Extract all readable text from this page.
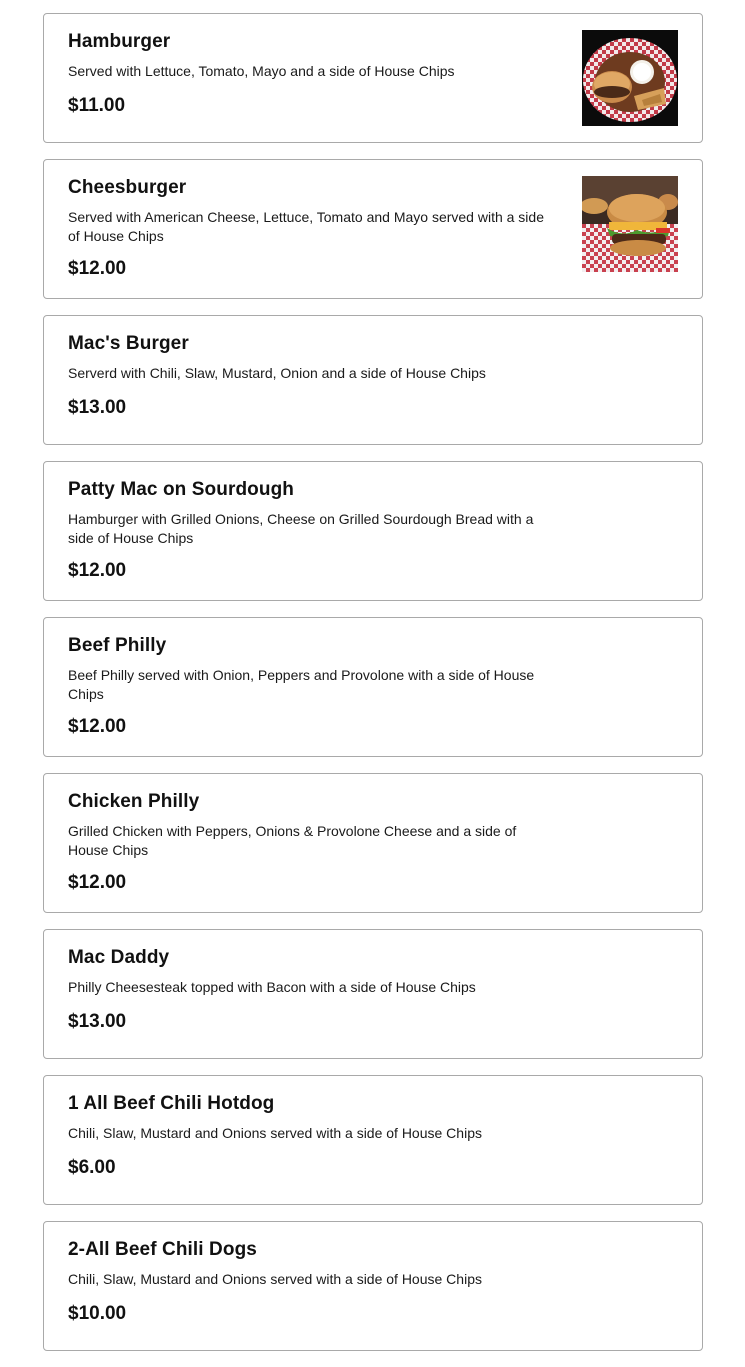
Hamburger

Served with Lettuce, Tomato, Mayo and a side of House Chips

$11.00

Cheesburger

Served with American Cheese, Lettuce, Tomato and Mayo served with a side of House Chips

$12.00

Mac's Burger

Serverd with Chili, Slaw, Mustard, Onion and a side of House Chips

$13.00

Patty Mac on Sourdough

Hamburger with Grilled Onions, Cheese on Grilled Sourdough Bread with a side of House Chips

$12.00

Beef Philly

Beef Philly served with Onion, Peppers and Provolone with a side of House Chips

$12.00

Chicken Philly

Grilled Chicken with Peppers, Onions & Provolone Cheese and a side of House Chips

$12.00

Mac Daddy

Philly Cheesesteak topped with Bacon with a side of House Chips

$13.00

1 All Beef Chili Hotdog

Chili, Slaw, Mustard and Onions served with a side of House Chips

$6.00

2-All Beef Chili Dogs

Chili, Slaw, Mustard and Onions served with a side of House Chips

$10.00
